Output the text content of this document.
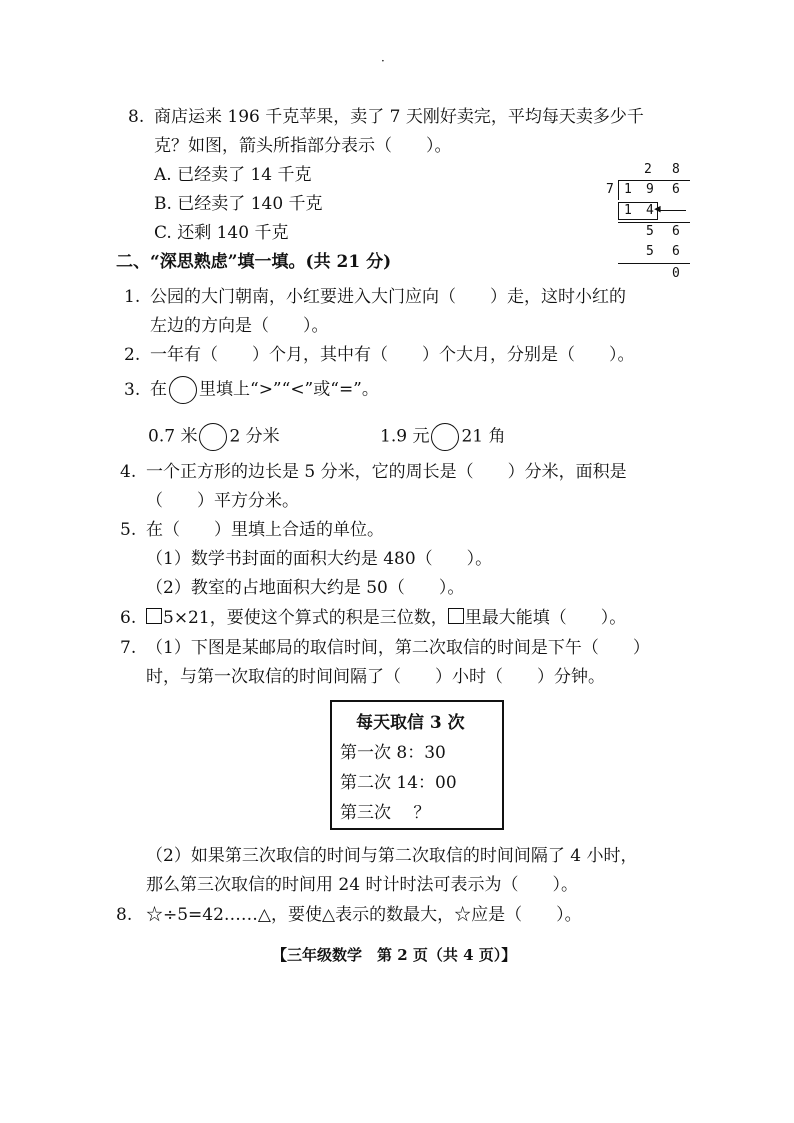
·
8. 商店运来 196 千克苹果，卖了 7 天刚好卖完，平均每天卖多少千
克？如图，箭头所指部分表示（　　）。
A. 已经卖了 14 千克
B. 已经卖了 140 千克
C. 还剩 140 千克
2 8
7 1 9 6
1 4 ◀
5 6
5 6
0
二、“深思熟虑”填一填。(共 21 分)
1. 公园的大门朝南，小红要进入大门应向（　　）走，这时小红的
左边的方向是（　　）。
2. 一年有（　　）个月，其中有（　　）个大月，分别是（　　）。
3. 在 里填上“>”“<”或“=”。
0.7 米 2 分米	1.9 元 21 角
4. 一个正方形的边长是 5 分米，它的周长是（　　）分米，面积是
（　　）平方分米。
5. 在（　　）里填上合适的单位。
（1）数学书封面的面积大约是 480（　　）。
（2）教室的占地面积大约是 50（　　）。
6.	5×21，要使这个算式的积是三位数， 里最大能填（　　）。
7. （1）下图是某邮局的取信时间，第二次取信的时间是下午（　　）
时，与第一次取信的时间间隔了（　　）小时（　　）分钟。
每天取信 3 次
第一次 8：30
第二次 14：00
第三次　 ？
（2）如果第三次取信的时间与第二次取信的时间间隔了 4 小时，
那么第三次取信的时间用 24 时计时法可表示为（　　）。
8. ☆÷5=42……△，要使△表示的数最大，☆应是（　　）。
【三年级数学　第 2 页（共 4 页）】
